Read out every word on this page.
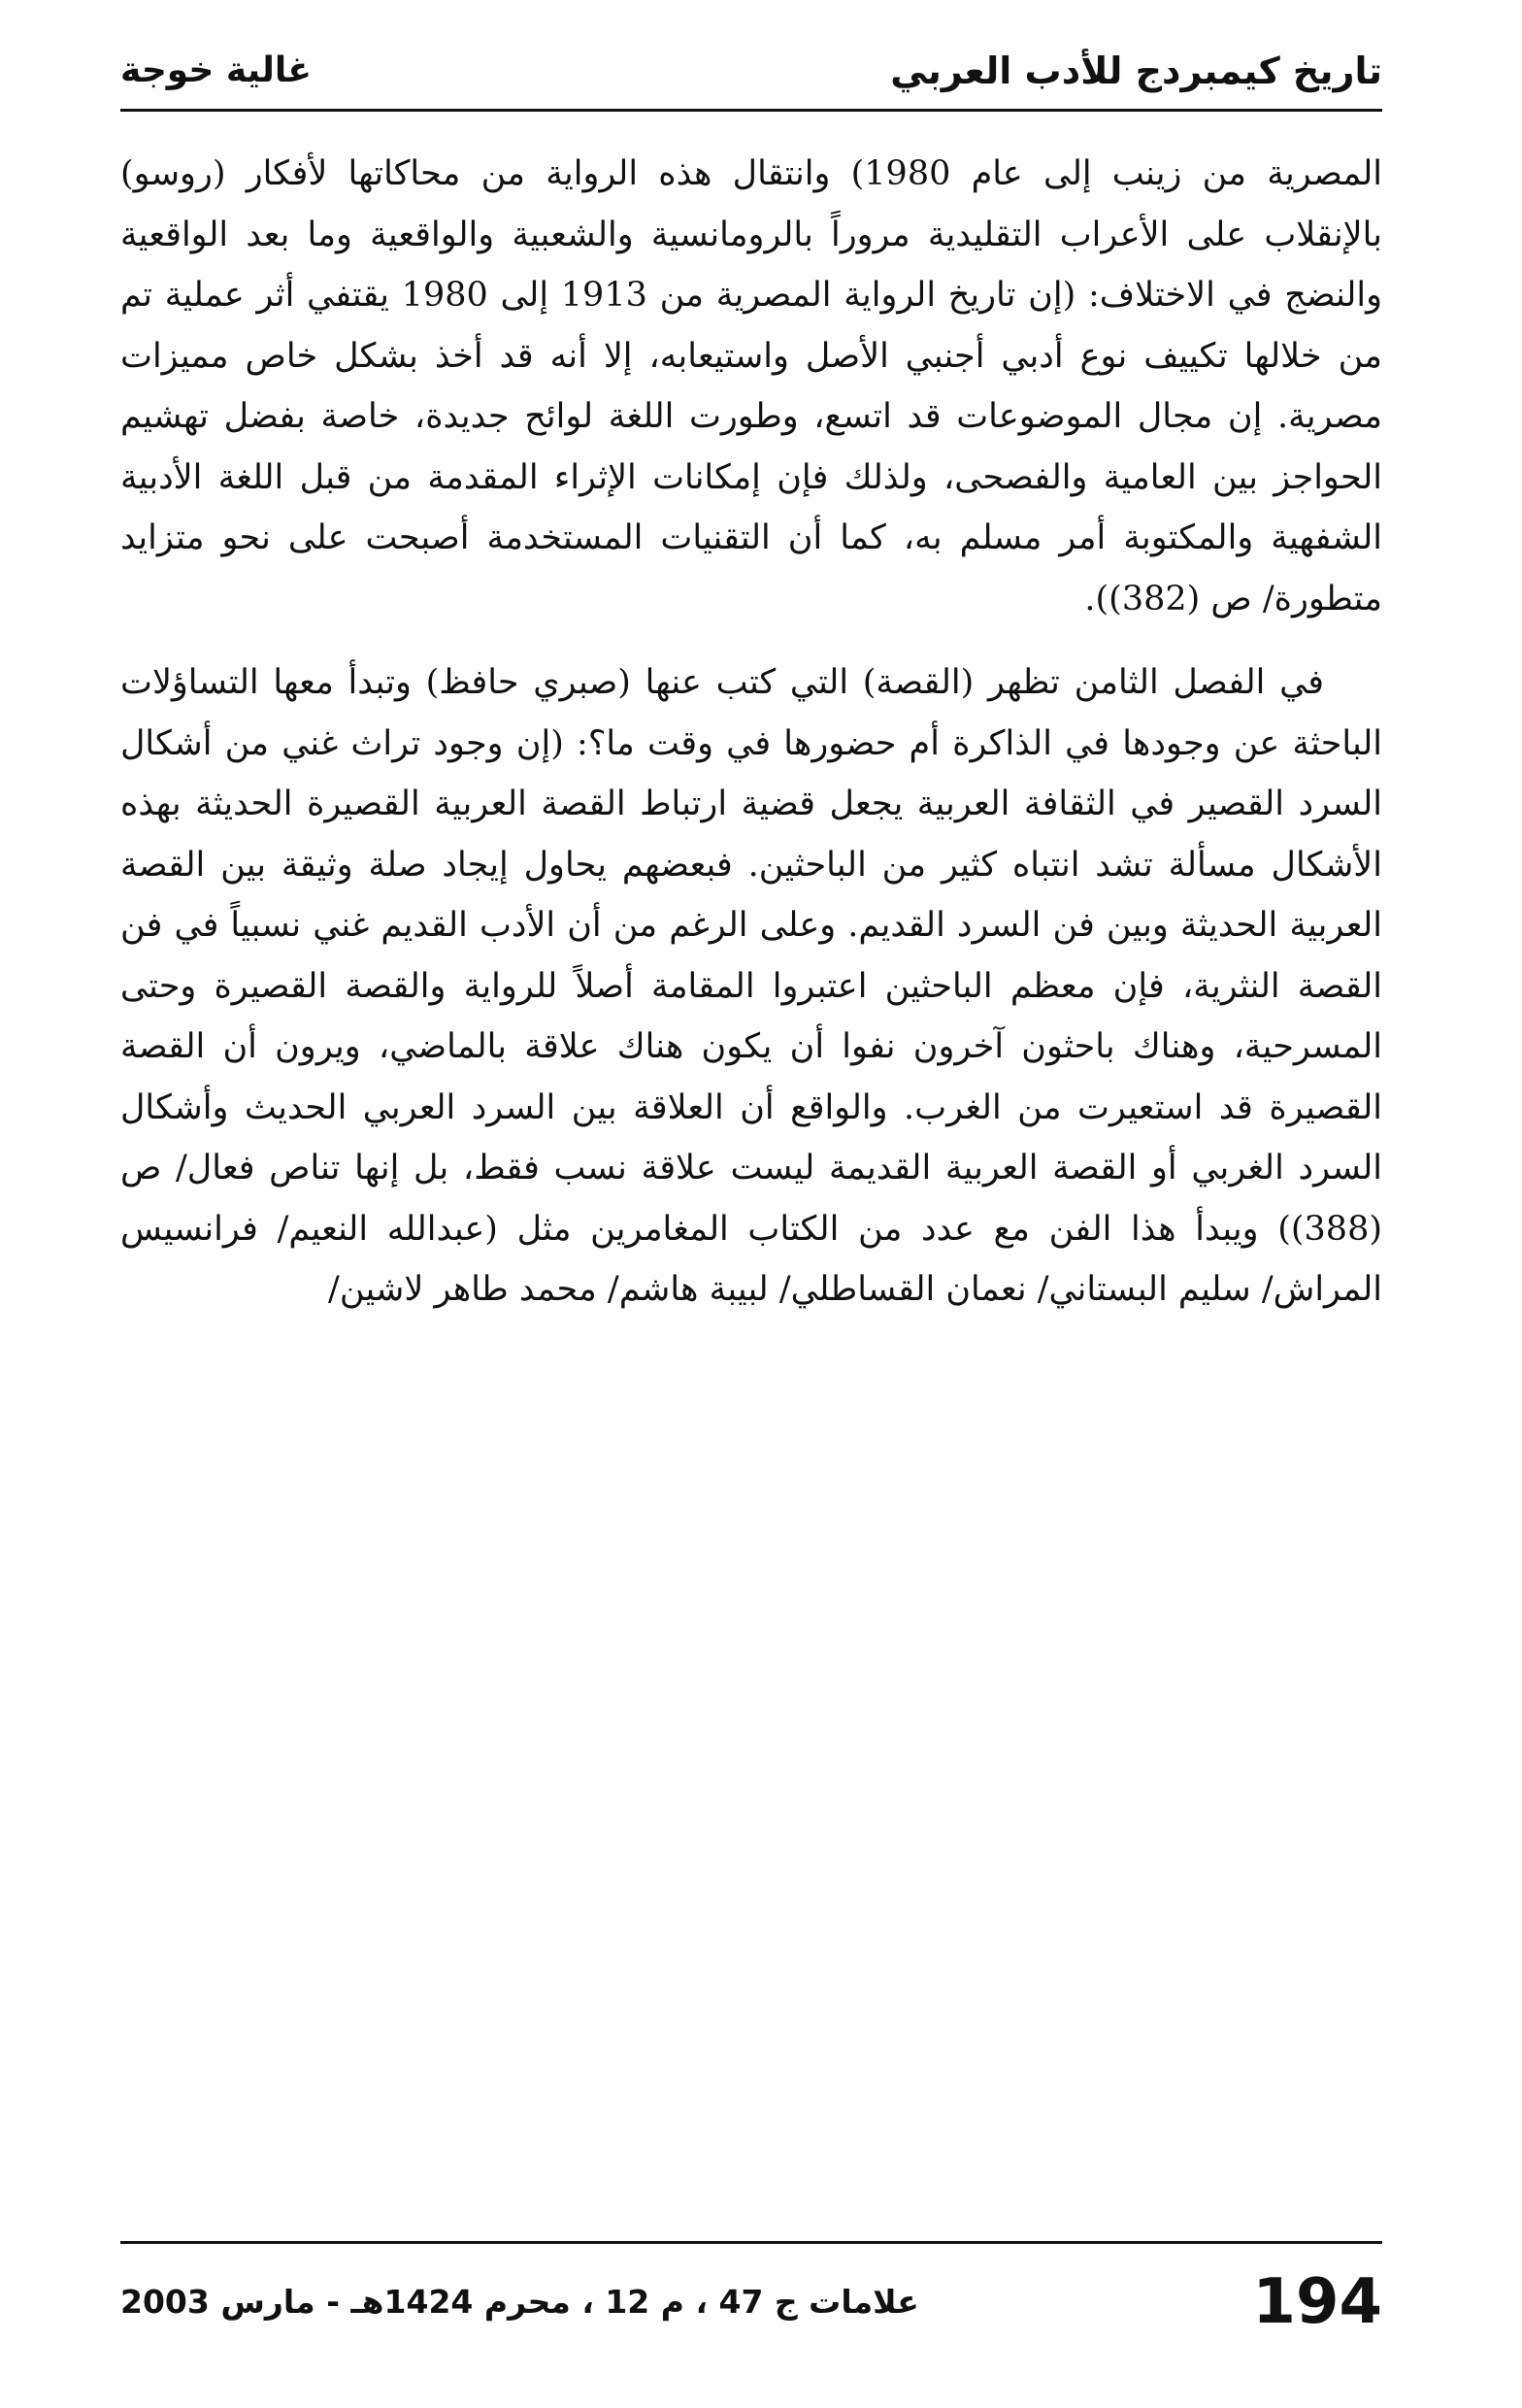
تاريخ كيمبردج للأدب العربي
غالية خوجة

المصرية من زينب إلى عام 1980) وانتقال هذه الرواية من محاكاتها لأفكار (روسو) بالإنقلاب على الأعراب التقليدية مروراً بالرومانسية والشعبية والواقعية وما بعد الواقعية والنضج في الاختلاف: (إن تاريخ الرواية المصرية من 1913 إلى 1980 يقتفي أثر عملية تم من خلالها تكييف نوع أدبي أجنبي الأصل واستيعابه، إلا أنه قد أخذ بشكل خاص مميزات مصرية. إن مجال الموضوعات قد اتسع، وطورت اللغة لوائح جديدة، خاصة بفضل تهشيم الحواجز بين العامية والفصحى، ولذلك فإن إمكانات الإثراء المقدمة من قبل اللغة الأدبية الشفهية والمكتوبة أمر مسلم به، كما أن التقنيات المستخدمة أصبحت على نحو متزايد متطورة/ ص (382)).

في الفصل الثامن تظهر (القصة) التي كتب عنها (صبري حافظ) وتبدأ معها التساؤلات الباحثة عن وجودها في الذاكرة أم حضورها في وقت ما؟: (إن وجود تراث غني من أشكال السرد القصير في الثقافة العربية يجعل قضية ارتباط القصة العربية القصيرة الحديثة بهذه الأشكال مسألة تشد انتباه كثير من الباحثين. فبعضهم يحاول إيجاد صلة وثيقة بين القصة العربية الحديثة وبين فن السرد القديم. وعلى الرغم من أن الأدب القديم غني نسبياً في فن القصة النثرية، فإن معظم الباحثين اعتبروا المقامة أصلاً للرواية والقصة القصيرة وحتى المسرحية، وهناك باحثون آخرون نفوا أن يكون هناك علاقة بالماضي، ويرون أن القصة القصيرة قد استعيرت من الغرب. والواقع أن العلاقة بين السرد العربي الحديث وأشكال السرد الغربي أو القصة العربية القديمة ليست علاقة نسب فقط، بل إنها تناص فعال/ ص (388)) ويبدأ هذا الفن مع عدد من الكتاب المغامرين مثل (عبدالله النعيم/ فرانسيس المراش/ سليم البستاني/ نعمان القساطلي/ لبيبة هاشم/ محمد طاهر لاشين/

194
علامات ج 47 ، م 12 ، محرم 1424هـ - مارس 2003
